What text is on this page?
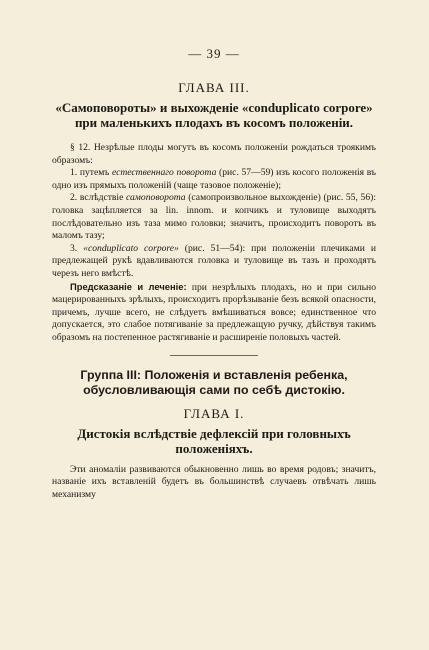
— 39 —
ГЛАВА III.
«Самоповороты» и выхожденіе «conduplicato corpore» при маленькихъ плодахъ въ косомъ положеніи.

§ 12. Незрѣлые плоды могутъ въ косомъ положеніи рождаться троякимъ образомъ:

1. путемъ естественнаго поворота (рис. 57—59) изъ косого положенія въ одно изъ прямыхъ положеній (чаще тазовое положеніе);

2. вслѣдствіе самоповорота (самопроизвольное выхожденіе) (рис. 55, 56): головка зацѣпляется за lin. innom. и копчикъ и туловище выходятъ послѣдовательно изъ таза мимо головки; значитъ, происходитъ поворотъ въ маломъ тазу;

3. «conduplicato corpore» (рис. 51—54): при положеніи плечиками и предлежащей рукѣ вдавливаются головка и туловище въ тазъ и проходятъ черезъ него вмѣстѣ.

Предсказаніе и леченіе: при незрѣлыхъ плодахъ, но и при сильно мацерированныхъ зрѣлыхъ, происходитъ прорѣзываніе безъ всякой опасности, причемъ, лучше всего, не слѣдуетъ вмѣшиваться вовсе; единственное что допускается, это слабое потягиваніе за предлежащую ручку, дѣйствуя такимъ образомъ на постепенное растягиваніе и расширеніе половыхъ частей.

Группа III: Положенія и вставленія ребенка, обусловливающія сами по себѣ дистокію.
ГЛАВА I.
Дистокія вслѣдствіе дефлексій при головныхъ положеніяхъ.

Эти аномаліи развиваются обыкновенно лишь во время родовъ; значитъ, названіе ихъ вставленій будетъ въ большинствѣ случаевъ отвѣчать лишь механизму
